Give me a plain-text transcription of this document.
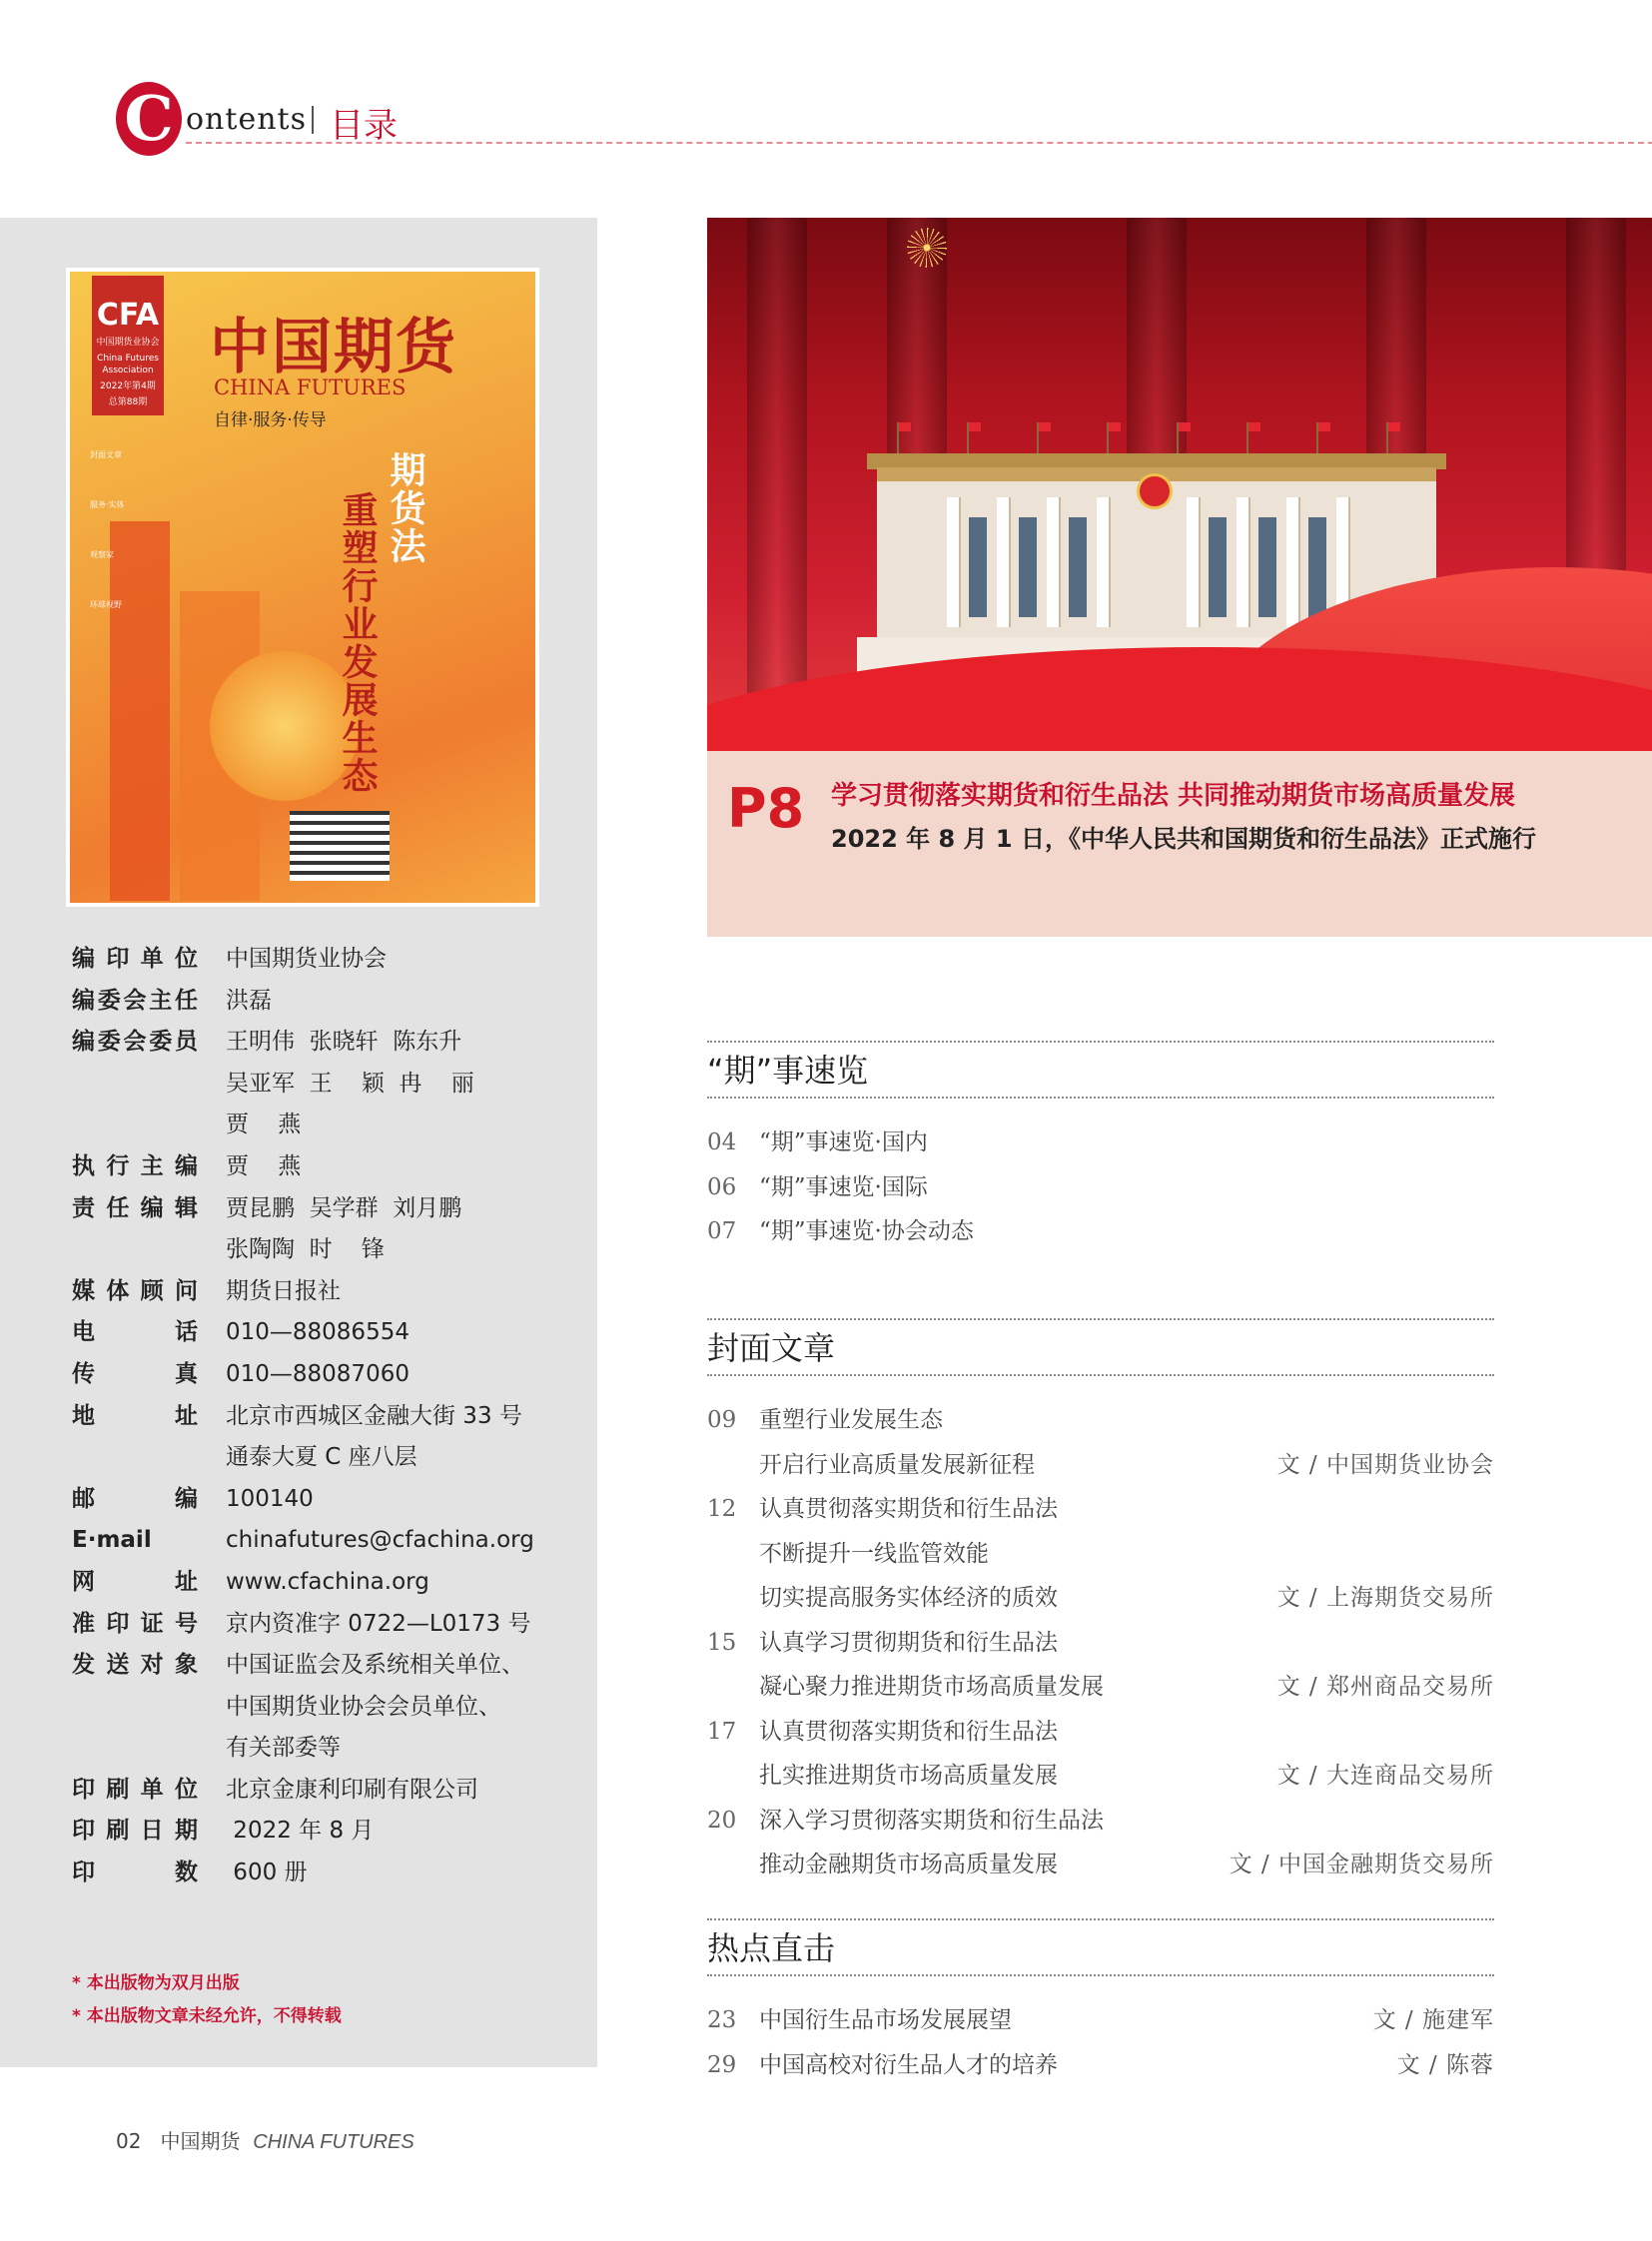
C ontents 目录
CFA
中国期货业协会
China Futures Association
2022年第4期
总第88期
中国期货
CHINA FUTURES
自律·服务·传导
封面文章
服务·实体
观察家
环球视野
期货法
重塑行业发展生态
编印单位 中国期货业协会
编委会主任 洪磊
编委会委员 王明伟  张晓轩  陈东升
吴亚军  王    颖  冉    丽
贾    燕
执行主编 贾    燕
责任编辑 贾昆鹏  吴学群  刘月鹏
张陶陶  时    锋
媒体顾问 期货日报社
电话 010—88086554
传真 010—88087060
地址 北京市西城区金融大街 33 号
通泰大夏 C 座八层
邮编 100140
E·mail	chinafutures@cfachina.org
网址 www.cfachina.org
准印证号 京内资准字 0722—L0173 号
发送对象 中国证监会及系统相关单位、
中国期货业协会会员单位、
有关部委等
印刷单位 北京金康利印刷有限公司
印刷日期 2022 年 8 月
印数 600 册
* 本出版物为双月出版
* 本出版物文章未经允许，不得转载
P8 学习贯彻落实期货和衍生品法 共同推动期货市场高质量发展
2022 年 8 月 1 日，《中华人民共和国期货和衍生品法》正式施行
“期”事速览
04 “期”事速览·国内
06 “期”事速览·国际
07 “期”事速览·协会动态
封面文章
09 重塑行业发展生态
开启行业高质量发展新征程	文 / 中国期货业协会
12 认真贯彻落实期货和衍生品法
不断提升一线监管效能
切实提高服务实体经济的质效	文 / 上海期货交易所
15 认真学习贯彻期货和衍生品法
凝心聚力推进期货市场高质量发展	文 / 郑州商品交易所
17 认真贯彻落实期货和衍生品法
扎实推进期货市场高质量发展	文 / 大连商品交易所
20 深入学习贯彻落实期货和衍生品法
推动金融期货市场高质量发展	文 / 中国金融期货交易所
热点直击
23 中国衍生品市场发展展望	文 / 施建军
29 中国高校对衍生品人才的培养	文 / 陈蓉
02 中国期货 CHINA FUTURES
